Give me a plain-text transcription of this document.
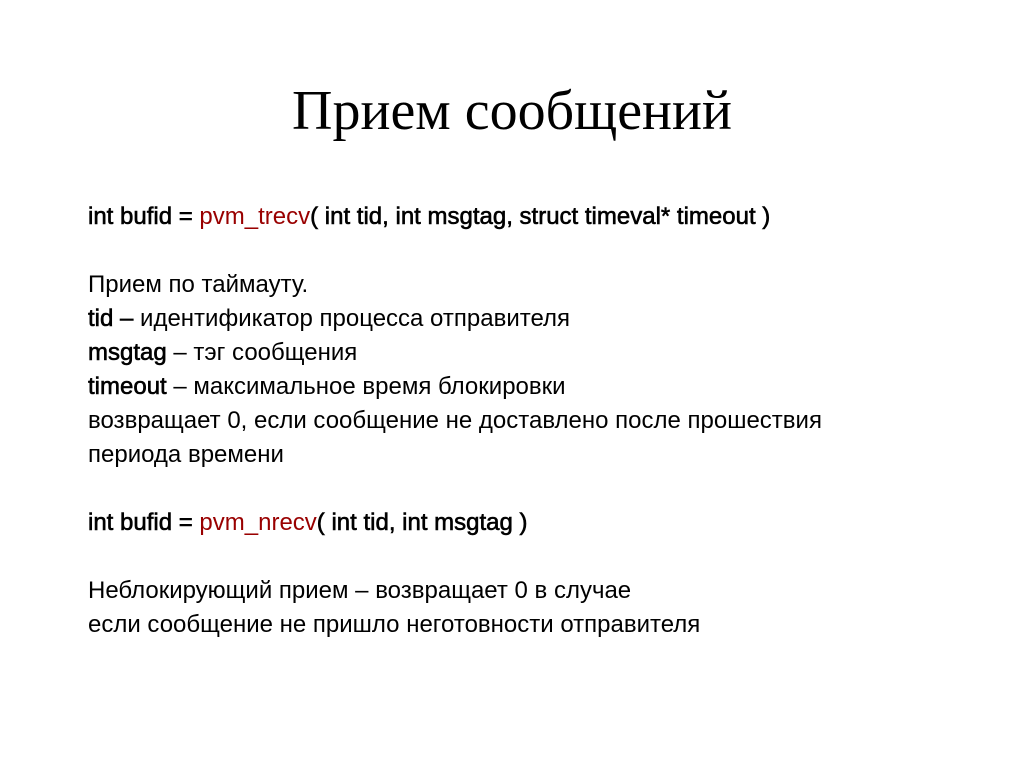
Прием сообщений
int bufid = pvm_trecv( int tid, int msgtag, struct timeval* timeout )
Прием по таймауту.
tid – идентификатор процесса отправителя
msgtag – тэг сообщения
timeout – максимальное время блокировки
возвращает 0, если сообщение не доставлено после прошествия
периода времени
int bufid = pvm_nrecv( int tid, int msgtag )
Неблокирующий прием – возвращает 0 в случае
если сообщение не пришло неготовности отправителя
